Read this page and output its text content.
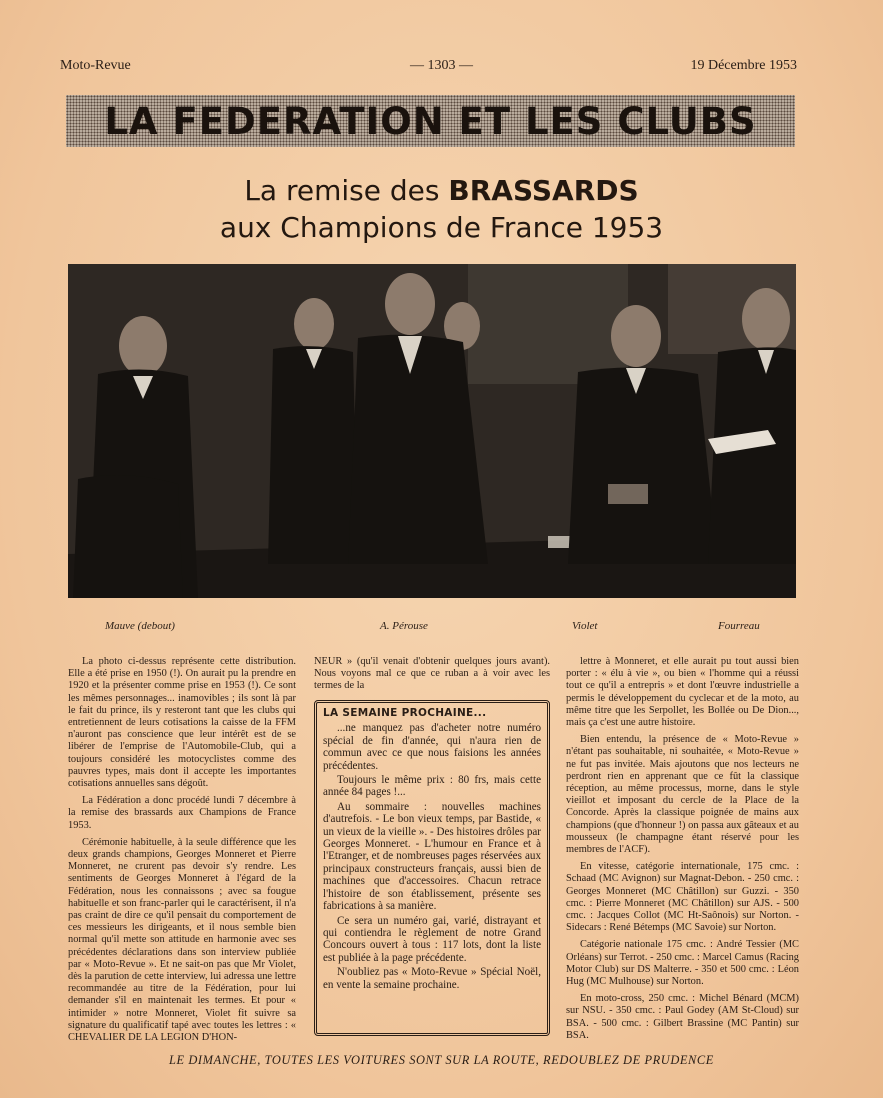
Moto-Revue	— 1303 —	19 Décembre 1953
LA FEDERATION ET LES CLUBS
La remise des BRASSARDS
aux Champions de France 1953
Mauve (debout)	A. Pérouse	Violet	Fourreau

La photo ci-dessus représente cette distribution. Elle a été prise en 1950 (!). On aurait pu la prendre en 1920 et la présenter comme prise en 1953 (!). Ce sont les mêmes personnages... inamovibles ; ils sont là par le fait du prince, ils y resteront tant que les clubs qui entretiennent de leurs cotisations la caisse de la FFM n'auront pas conscience que leur intérêt est de se libérer de l'emprise de l'Automobile-Club, qui a toujours considéré les motocyclistes comme des pauvres types, mais dont il accepte les importantes cotisations annuelles sans dégoût.

La Fédération a donc procédé lundi 7 décembre à la remise des brassards aux Champions de France 1953.

Cérémonie habituelle, à la seule différence que les deux grands champions, Georges Monneret et Pierre Monneret, ne crurent pas devoir s'y rendre. Les sentiments de Georges Monneret à l'égard de la Fédération, nous les connaissons ; avec sa fougue habituelle et son franc-parler qui le caractérisent, il n'a pas craint de dire ce qu'il pensait du comportement de ces messieurs les dirigeants, et il nous semble bien normal qu'il mette son attitude en harmonie avec ses précédentes déclarations dans son interview publiée par « Moto-Revue ». Et ne sait-on pas que Mr Violet, dès la parution de cette interview, lui adressa une lettre recommandée au titre de la Fédération, pour lui demander s'il en maintenait les termes. Et pour « intimider » notre Monneret, Violet fit suivre sa signature du qualificatif tapé avec toutes les lettres : « CHEVALIER DE LA LEGION D'HON-

NEUR » (qu'il venait d'obtenir quelques jours avant). Nous voyons mal ce que ce ruban a à voir avec les termes de la
LA SEMAINE PROCHAINE...

...ne manquez pas d'acheter notre numéro spécial de fin d'année, qui n'aura rien de commun avec ce que nous faisions les années précédentes.

Toujours le même prix : 80 frs, mais cette année 84 pages !...

Au sommaire : nouvelles machines d'autrefois. - Le bon vieux temps, par Bastide, « un vieux de la vieille ». - Des histoires drôles par Georges Monneret. - L'humour en France et à l'Etranger, et de nombreuses pages réservées aux principaux constructeurs français, aussi bien de machines que d'accessoires. Chacun retrace l'histoire de son établissement, présente ses fabrications à sa manière.

Ce sera un numéro gai, varié, distrayant et qui contiendra le règlement de notre Grand Concours ouvert à tous : 117 lots, dont la liste est publiée à la page précédente.

N'oubliez pas « Moto-Revue » Spécial Noël, en vente la semaine prochaine.

lettre à Monneret, et elle aurait pu tout aussi bien porter : « élu à vie », ou bien « l'homme qui a réussi tout ce qu'il a entrepris » et dont l'œuvre industrielle a permis le développement du cyclecar et de la moto, au même titre que les Serpollet, les Bollée ou De Dion..., mais ça c'est une autre histoire.

Bien entendu, la présence de « Moto-Revue » n'étant pas souhaitable, ni souhaitée, « Moto-Revue » ne fut pas invitée. Mais ajoutons que nos lecteurs ne perdront rien en apprenant que ce fût la classique réception, au même processus, morne, dans le style vieillot et imposant du cercle de la Place de la Concorde. Après la classique poignée de mains aux champions (que d'honneur !) on passa aux gâteaux et au mousseux (le champagne étant réservé pour les membres de l'ACF).

En vitesse, catégorie internationale, 175 cmc. : Schaad (MC Avignon) sur Magnat-Debon. - 250 cmc. : Georges Monneret (MC Châtillon) sur Guzzi. - 350 cmc. : Pierre Monneret (MC Châtillon) sur AJS. - 500 cmc. : Jacques Collot (MC Ht-Saônois) sur Norton. - Sidecars : René Bétemps (MC Savoie) sur Norton.

Catégorie nationale 175 cmc. : André Tessier (MC Orléans) sur Terrot. - 250 cmc. : Marcel Camus (Racing Motor Club) sur DS Malterre. - 350 et 500 cmc. : Léon Hug (MC Mulhouse) sur Norton.

En moto-cross, 250 cmc. : Michel Bénard (MCM) sur NSU. - 350 cmc. : Paul Godey (AM St-Cloud) sur BSA. - 500 cmc. : Gilbert Brassine (MC Pantin) sur BSA.

LE DIMANCHE, TOUTES LES VOITURES SONT SUR LA ROUTE, REDOUBLEZ DE PRUDENCE
